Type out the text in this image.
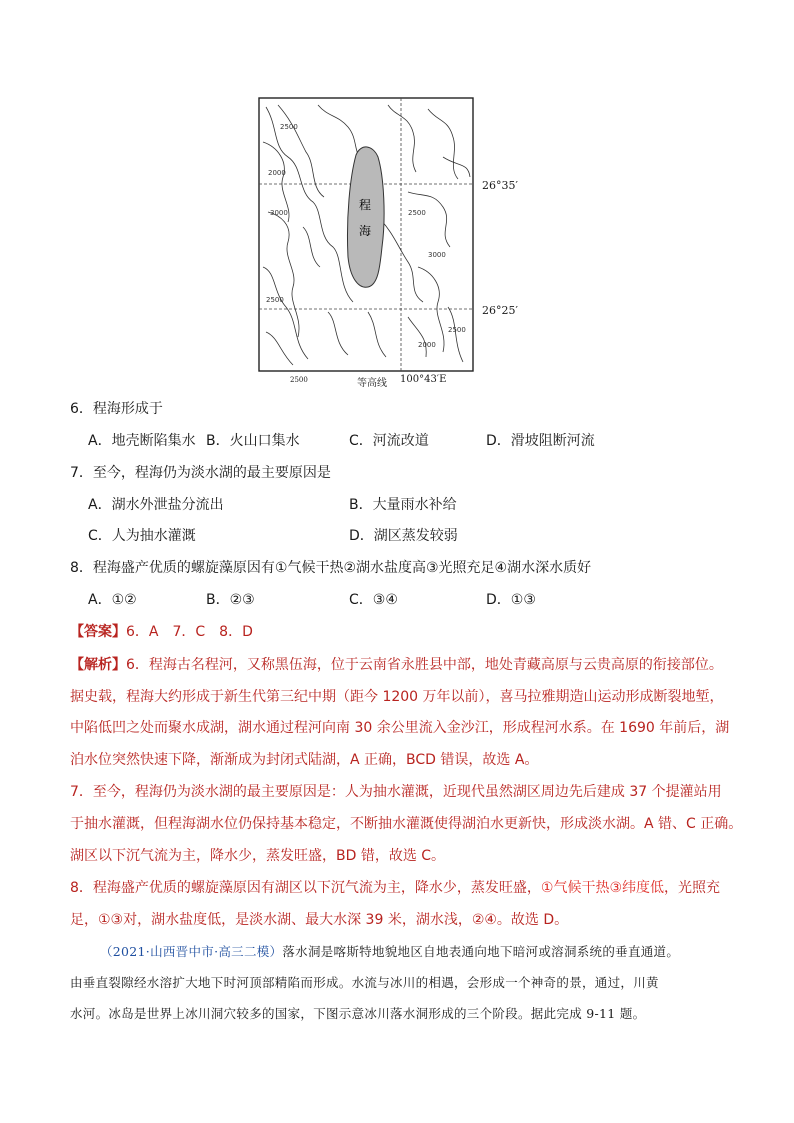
程
海
2500
2000
3000
2500
2500
3000
2000
2500
26°35′
26°25′
2500	等高线 100°43′E
6．程海形成于
A．地壳断陷集水 B．火山口集水	C．河流改道	D．滑坡阻断河流
7．至今，程海仍为淡水湖的最主要原因是
A．湖水外泄盐分流出	B．大量雨水补给
C．人为抽水灌溉	D．湖区蒸发较弱
8．程海盛产优质的螺旋藻原因有①气候干热②湖水盐度高③光照充足④湖水深水质好
A．①②	B．②③	C．③④	D．①③
【答案】6．A　7．C　8．D
【解析】6．程海古名程河，又称黑伍海，位于云南省永胜县中部，地处青藏高原与云贵高原的衔接部位。
据史载，程海大约形成于新生代第三纪中期（距今 1200 万年以前），喜马拉雅期造山运动形成断裂地堑，
中陷低凹之处而聚水成湖，湖水通过程河向南 30 余公里流入金沙江，形成程河水系。在 1690 年前后，湖
泊水位突然快速下降，渐渐成为封闭式陆湖，A 正确，BCD 错误，故选 A。
7．至今，程海仍为淡水湖的最主要原因是：人为抽水灌溉，近现代虽然湖区周边先后建成 37 个提灌站用
于抽水灌溉，但程海湖水位仍保持基本稳定，不断抽水灌溉使得湖泊水更新快，形成淡水湖。A 错、C 正确。
湖区以下沉气流为主，降水少，蒸发旺盛，BD 错，故选 C。
8．程海盛产优质的螺旋藻原因有湖区以下沉气流为主，降水少，蒸发旺盛，①气候干热③纬度低，光照充
足，①③对，湖水盐度低，是淡水湖、最大水深 39 米，湖水浅，②④。故选 D。
（2021·山西晋中市·高三二模）落水洞是喀斯特地貌地区自地表通向地下暗河或溶洞系统的垂直通道。
由垂直裂隙经水溶扩大地下时河顶部精陷而形成。水流与冰川的相遇，会形成一个神奇的景，通过，川黄
水河。冰岛是世界上冰川洞穴较多的国家，下图示意冰川落水洞形成的三个阶段。据此完成 9-11 题。
